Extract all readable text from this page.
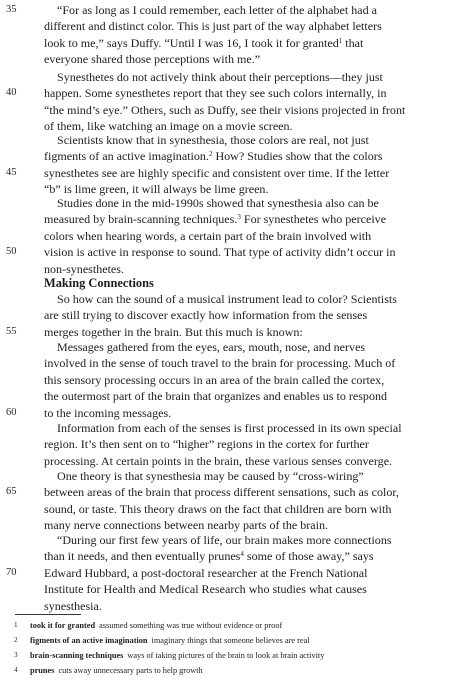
35	“For as long as I could remember, each letter of the alphabet had a
different and distinct color. This is just part of the way alphabet letters
look to me,” says Duffy. “Until I was 16, I took it for granted$^1$ that
everyone shared those perceptions with me.”
Synesthetes do not actively think about their perceptions—they just
40 happen. Some synesthetes report that they see such colors internally, in
“the mind’s eye.” Others, such as Duffy, see their visions projected in front
of them, like watching an image on a movie screen.
Scientists know that in synesthesia, those colors are real, not just
figments of an active imagination.$^2$ How? Studies show that the colors
45 synesthetes see are highly specific and consistent over time. If the letter
“b” is lime green, it will always be lime green.
Studies done in the mid-1990s showed that synesthesia also can be
measured by brain-scanning techniques.$^3$ For synesthetes who perceive
colors when hearing words, a certain part of the brain involved with
50 vision is active in response to sound. That type of activity didn’t occur in
non-synesthetes.
Making Connections
So how can the sound of a musical instrument lead to color? Scientists
are still trying to discover exactly how information from the senses
55 merges together in the brain. But this much is known:
Messages gathered from the eyes, ears, mouth, nose, and nerves
involved in the sense of touch travel to the brain for processing. Much of
this sensory processing occurs in an area of the brain called the cortex,
the outermost part of the brain that organizes and enables us to respond
60 to the incoming messages.
Information from each of the senses is first processed in its own special
region. It’s then sent on to “higher” regions in the cortex for further
processing. At certain points in the brain, these various senses converge.
One theory is that synesthesia may be caused by “cross-wiring”
65 between areas of the brain that process different sensations, such as color,
sound, or taste. This theory draws on the fact that children are born with
many nerve connections between nearby parts of the brain.
“During our first few years of life, our brain makes more connections
than it needs, and then eventually prunes$^4$ some of those away,” says
70 Edward Hubbard, a post-doctoral researcher at the French National
Institute for Health and Medical Research who studies what causes
synesthesia.
1 took it for granted assumed something was true without evidence or proof
2 figments of an active imagination imaginary things that someone believes are real
3 brain-scanning techniques ways of taking pictures of the brain to look at brain activity
4 prunes cuts away unnecessary parts to help growth
